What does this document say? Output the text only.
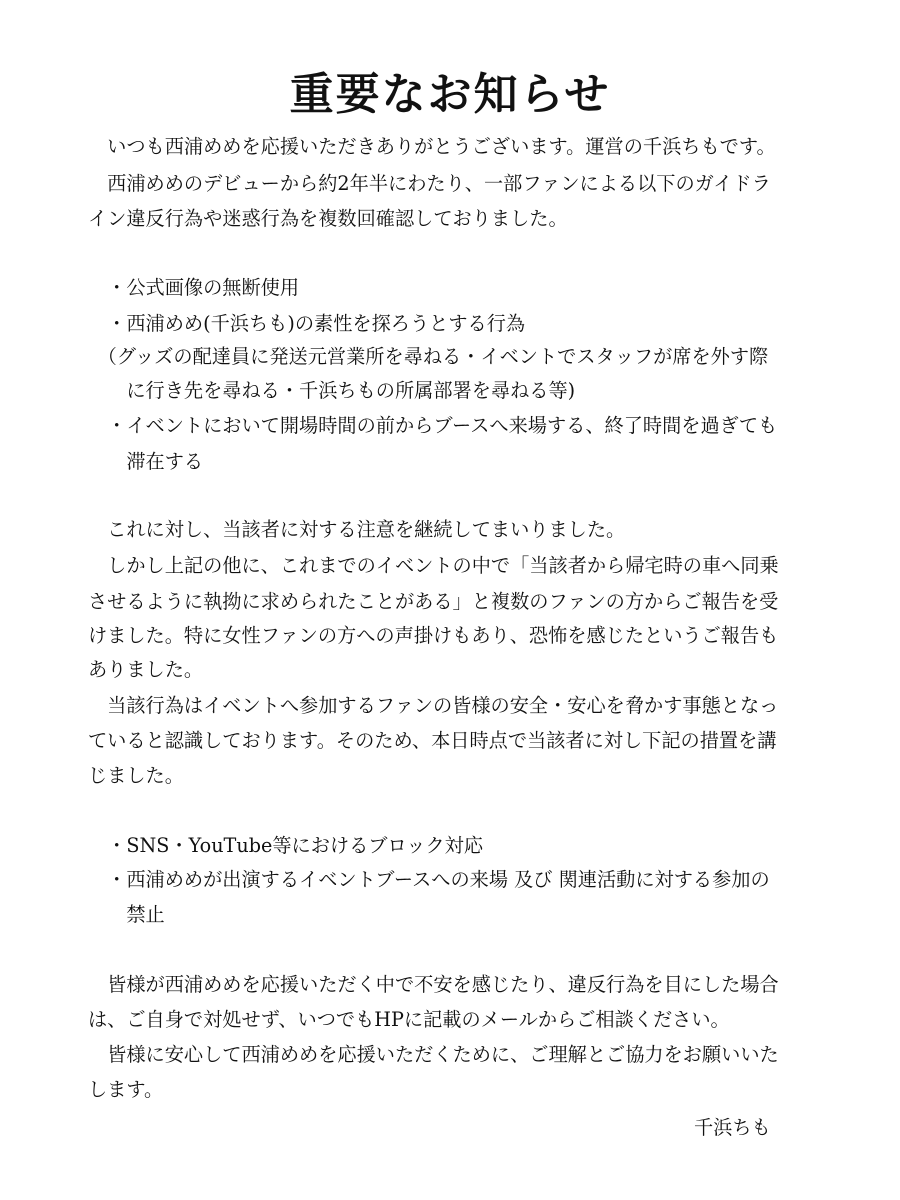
重要なお知らせ
　いつも西浦めめを応援いただきありがとうございます。運営の千浜ちもです。
　西浦めめのデビューから約2年半にわたり、一部ファンによる以下のガイドラ
イン違反行為や迷惑行為を複数回確認しておりました。
　・公式画像の無断使用
　・西浦めめ(千浜ちも)の素性を探ろうとする行為
　（グッズの配達員に発送元営業所を尋ねる・イベントでスタッフが席を外す際
　　に行き先を尋ねる・千浜ちもの所属部署を尋ねる等)
　・イベントにおいて開場時間の前からブースへ来場する、終了時間を過ぎても
　　滞在する
　これに対し、当該者に対する注意を継続してまいりました。
　しかし上記の他に、これまでのイベントの中で「当該者から帰宅時の車へ同乗
させるように執拗に求められたことがある」と複数のファンの方からご報告を受
けました。特に女性ファンの方への声掛けもあり、恐怖を感じたというご報告も
ありました。
　当該行為はイベントへ参加するファンの皆様の安全・安心を脅かす事態となっ
ていると認識しております。そのため、本日時点で当該者に対し下記の措置を講
じました。
　・SNS・YouTube等におけるブロック対応
　・西浦めめが出演するイベントブースへの来場 及び 関連活動に対する参加の
　　禁止
　皆様が西浦めめを応援いただく中で不安を感じたり、違反行為を目にした場合
は、ご自身で対処せず、いつでもHPに記載のメールからご相談ください。
　皆様に安心して西浦めめを応援いただくために、ご理解とご協力をお願いいた
します。
千浜ちも
